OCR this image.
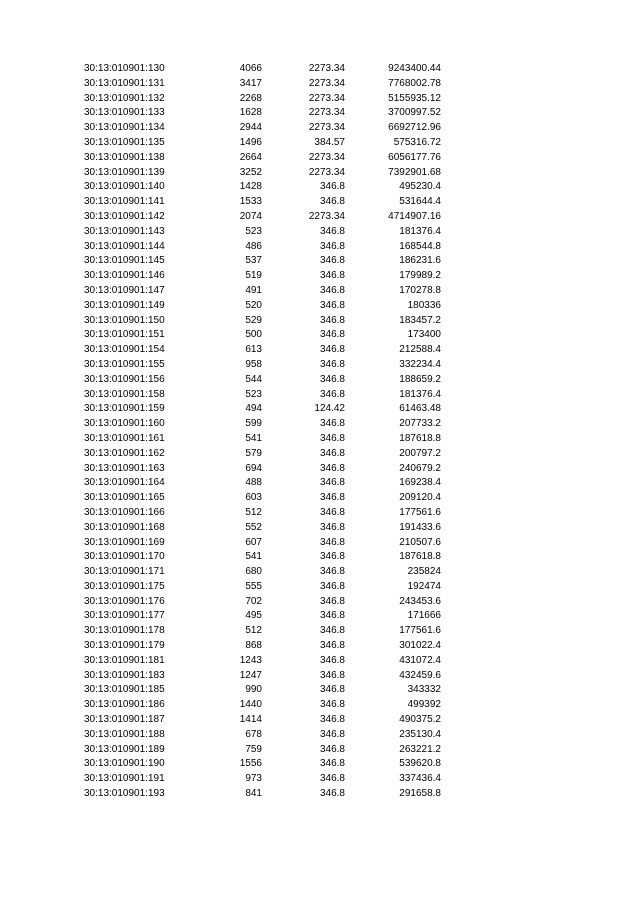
30:13:010901:130	4066	2273.34	9243400.44
30:13:010901:131	3417	2273.34	7768002.78
30:13:010901:132	2268	2273.34	5155935.12
30:13:010901:133	1628	2273.34	3700997.52
30:13:010901:134	2944	2273.34	6692712.96
30:13:010901:135	1496	384.57	575316.72
30:13:010901:138	2664	2273.34	6056177.76
30:13:010901:139	3252	2273.34	7392901.68
30:13:010901:140	1428	346.8	495230.4
30:13:010901:141	1533	346.8	531644.4
30:13:010901:142	2074	2273.34	4714907.16
30:13:010901:143	523	346.8	181376.4
30:13:010901:144	486	346.8	168544.8
30:13:010901:145	537	346.8	186231.6
30:13:010901:146	519	346.8	179989.2
30:13:010901:147	491	346.8	170278.8
30:13:010901:149	520	346.8	180336
30:13:010901:150	529	346.8	183457.2
30:13:010901:151	500	346.8	173400
30:13:010901:154	613	346.8	212588.4
30:13:010901:155	958	346.8	332234.4
30:13:010901:156	544	346.8	188659.2
30:13:010901:158	523	346.8	181376.4
30:13:010901:159	494	124.42	61463.48
30:13:010901:160	599	346.8	207733.2
30:13:010901:161	541	346.8	187618.8
30:13:010901:162	579	346.8	200797.2
30:13:010901:163	694	346.8	240679.2
30:13:010901:164	488	346.8	169238.4
30:13:010901:165	603	346.8	209120.4
30:13:010901:166	512	346.8	177561.6
30:13:010901:168	552	346.8	191433.6
30:13:010901:169	607	346.8	210507.6
30:13:010901:170	541	346.8	187618.8
30:13:010901:171	680	346.8	235824
30:13:010901:175	555	346.8	192474
30:13:010901:176	702	346.8	243453.6
30:13:010901:177	495	346.8	171666
30:13:010901:178	512	346.8	177561.6
30:13:010901:179	868	346.8	301022.4
30:13:010901:181	1243	346.8	431072.4
30:13:010901:183	1247	346.8	432459.6
30:13:010901:185	990	346.8	343332
30:13:010901:186	1440	346.8	499392
30:13:010901:187	1414	346.8	490375.2
30:13:010901:188	678	346.8	235130.4
30:13:010901:189	759	346.8	263221.2
30:13:010901:190	1556	346.8	539620.8
30:13:010901:191	973	346.8	337436.4
30:13:010901:193	841	346.8	291658.8
